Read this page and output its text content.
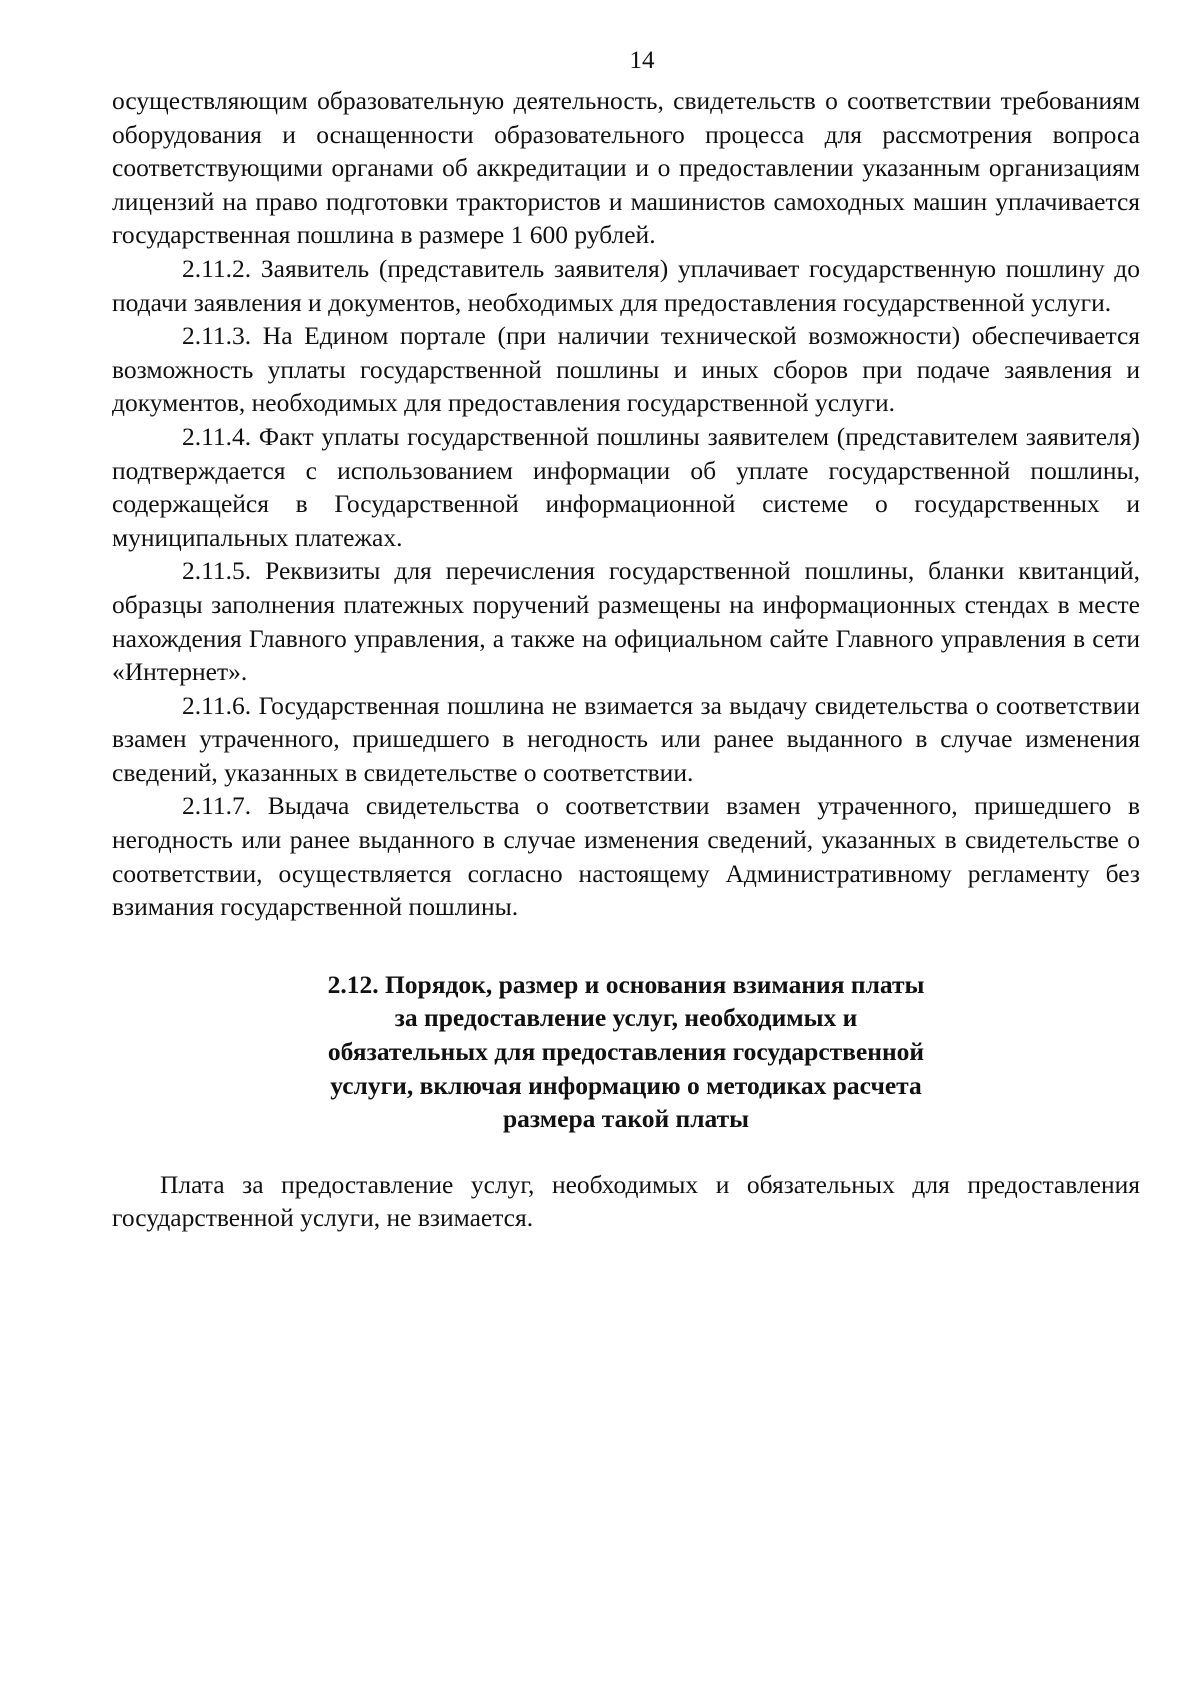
14

осуществляющим образовательную деятельность, свидетельств о соответствии требованиям оборудования и оснащенности образовательного процесса для рассмотрения вопроса соответствующими органами об аккредитации и о предоставлении указанным организациям лицензий на право подготовки трактористов и машинистов самоходных машин уплачивается государственная пошлина в размере 1 600 рублей.

2.11.2. Заявитель (представитель заявителя) уплачивает государственную пошлину до подачи заявления и документов, необходимых для предоставления государственной услуги.

2.11.3. На Едином портале (при наличии технической возможности) обеспечивается возможность уплаты государственной пошлины и иных сборов при подаче заявления и документов, необходимых для предоставления государственной услуги.

2.11.4. Факт уплаты государственной пошлины заявителем (представителем заявителя) подтверждается с использованием информации об уплате государственной пошлины, содержащейся в Государственной информационной системе о государственных и муниципальных платежах.

2.11.5. Реквизиты для перечисления государственной пошлины, бланки квитанций, образцы заполнения платежных поручений размещены на информационных стендах в месте нахождения Главного управления, а также на официальном сайте Главного управления в сети «Интернет».

2.11.6. Государственная пошлина не взимается за выдачу свидетельства о соответствии взамен утраченного, пришедшего в негодность или ранее выданного в случае изменения сведений, указанных в свидетельстве о соответствии.

2.11.7. Выдача свидетельства о соответствии взамен утраченного, пришедшего в негодность или ранее выданного в случае изменения сведений, указанных в свидетельстве о соответствии, осуществляется согласно настоящему Административному регламенту без взимания государственной пошлины.

2.12. Порядок, размер и основания взимания платы
за предоставление услуг, необходимых и
обязательных для предоставления государственной
услуги, включая информацию о методиках расчета
размера такой платы

Плата за предоставление услуг, необходимых и обязательных для предоставления государственной услуги, не взимается.
